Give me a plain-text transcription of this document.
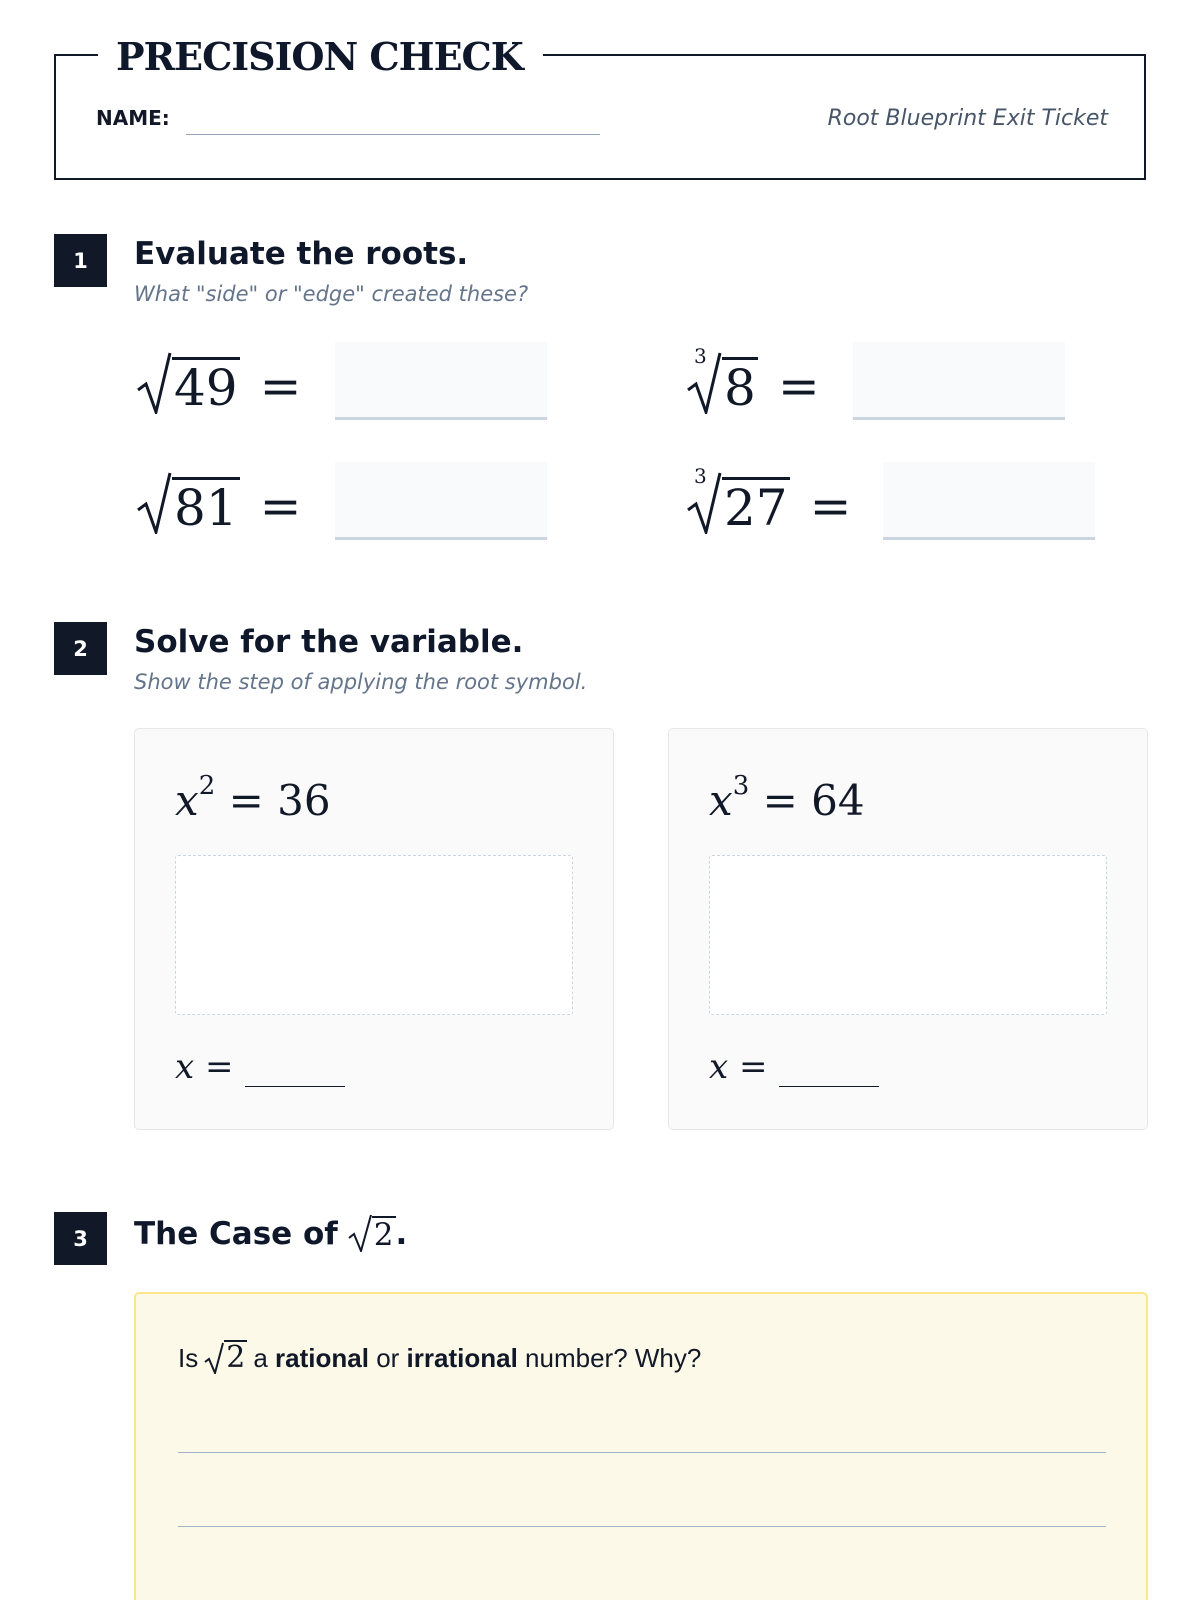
PRECISION CHECK
NAME:	Root Blueprint Exit Ticket
1	Evaluate the roots.
What "side" or "edge" created these?
49 =
3
8 =
81 =
3
27 =
2	Solve for the variable.
Show the step of applying the root symbol.
$x^2 = 36$
x =
$x^3 = 64$
x =
3	The Case of 2 .
Is 2 a
rational
or
irrational
number? Why?
